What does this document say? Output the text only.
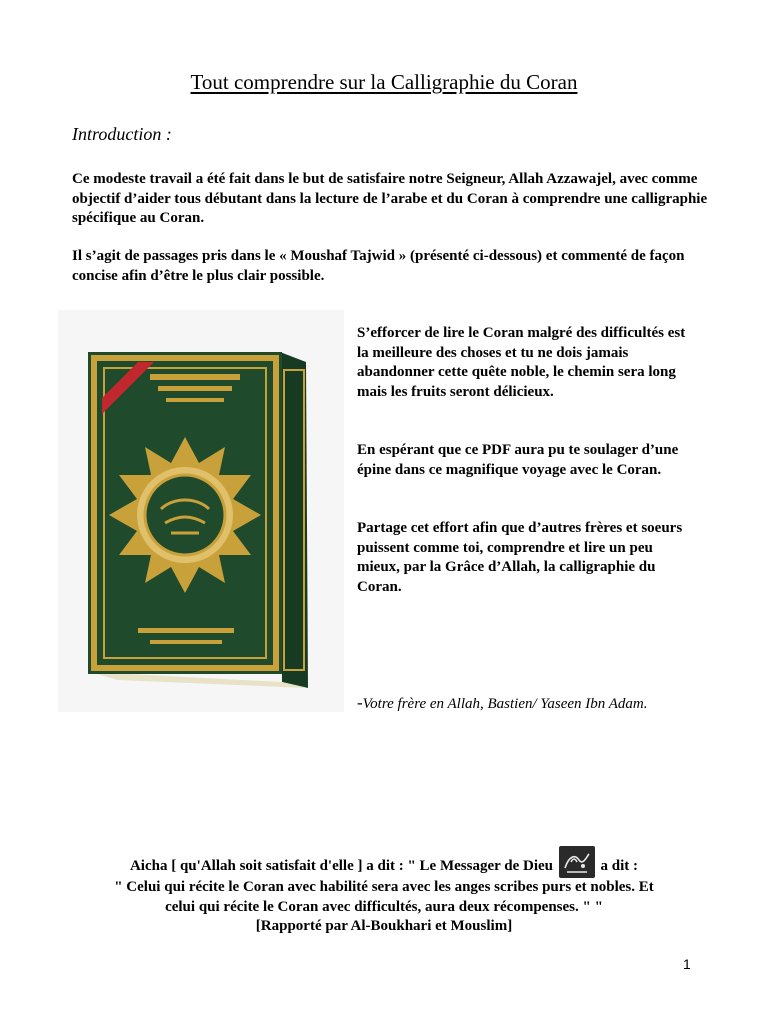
Tout comprendre sur la Calligraphie du Coran
Introduction :
Ce modeste travail a été fait dans le but de satisfaire notre Seigneur, Allah Azzawajel, avec comme objectif d’aider tous débutant dans la lecture de l’arabe et du Coran à comprendre une calligraphie spécifique au Coran.
Il s’agit de passages pris dans le « Moushaf Tajwid » (présenté ci-dessous) et commenté de façon concise afin d’être le plus clair possible.
S’efforcer de lire le Coran malgré des difficultés est la meilleure des choses et tu ne dois jamais abandonner cette quête noble, le chemin sera long mais les fruits seront délicieux.
En espérant que ce PDF aura pu te soulager d’une épine dans ce magnifique voyage avec le Coran.
Partage cet effort afin que d’autres frères et soeurs puissent comme toi, comprendre et lire un peu mieux, par la Grâce d’Allah, la calligraphie du Coran.
-Votre frère en Allah, Bastien/ Yaseen Ibn Adam.
Aicha [ qu'Allah soit satisfait d'elle ] a dit : " Le Messager de Dieu	a dit :
" Celui qui récite le Coran avec habilité sera avec les anges scribes purs et nobles. Et
celui qui récite le Coran avec difficultés, aura deux récompenses. " "
[Rapporté par Al-Boukhari et Mouslim]
1
